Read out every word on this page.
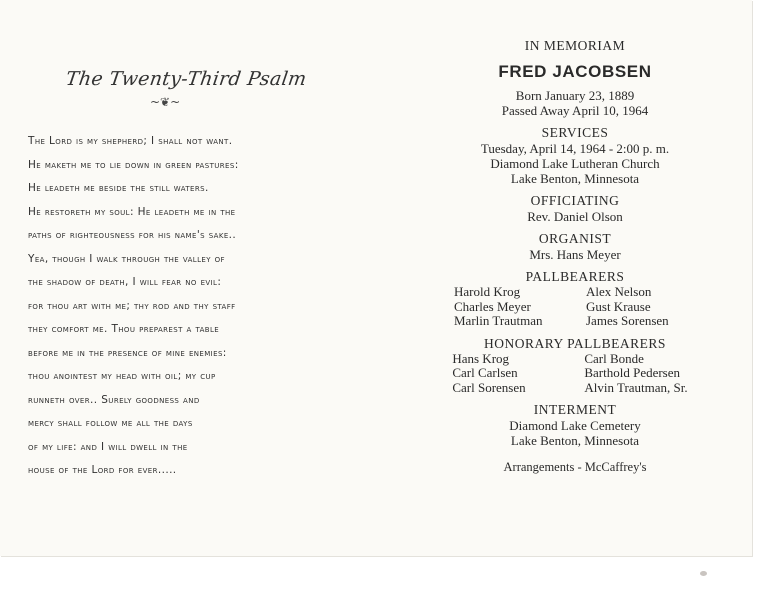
The Twenty-Third Psalm
~❦~
The Lord is my shepherd; I shall not want.
He maketh me to lie down in green pastures:
He leadeth me beside the still waters.
He restoreth my soul: He leadeth me in the
paths of righteousness for his name's sake..
Yea, though I walk through the valley of
the shadow of death, I will fear no evil:
for thou art with me; thy rod and thy staff
they comfort me. Thou preparest a table
before me in the presence of mine enemies:
thou anointest my head with oil; my cup
runneth over.. Surely goodness and
mercy shall follow me all the days
of my life: and I will dwell in the
house of the Lord for ever.....
IN MEMORIAM
FRED JACOBSEN
Born January 23, 1889
Passed Away April 10, 1964
SERVICES
Tuesday, April 14, 1964 - 2:00 p. m.
Diamond Lake Lutheran Church
Lake Benton, Minnesota
OFFICIATING
Rev. Daniel Olson
ORGANIST
Mrs. Hans Meyer
PALLBEARERS
Harold Krog
Charles Meyer
Marlin Trautman
Alex Nelson
Gust Krause
James Sorensen
HONORARY PALLBEARERS
Hans Krog
Carl Carlsen
Carl Sorensen
Carl Bonde
Barthold Pedersen
Alvin Trautman, Sr.
INTERMENT
Diamond Lake Cemetery
Lake Benton, Minnesota
Arrangements - McCaffrey's
